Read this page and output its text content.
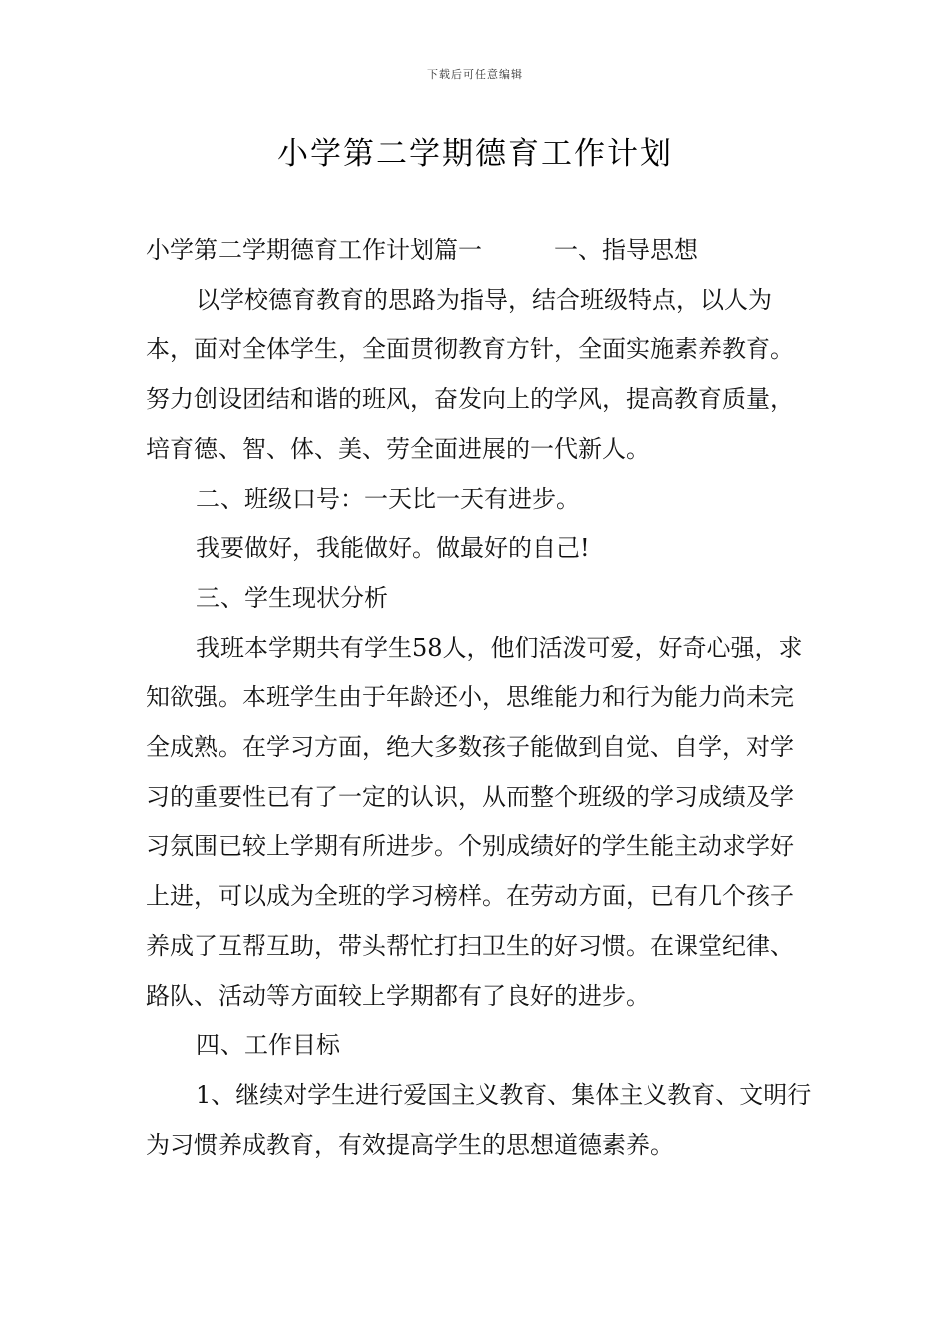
下载后可任意编辑
小学第二学期德育工作计划

小学第二学期德育工作计划篇一　　　一、指导思想

以学校德育教育的思路为指导，结合班级特点，以人为本，面对全体学生，全面贯彻教育方针，全面实施素养教育。努力创设团结和谐的班风，奋发向上的学风，提高教育质量，培育德、智、体、美、劳全面进展的一代新人。

二、班级口号：一天比一天有进步。

我要做好，我能做好。做最好的自己!

三、学生现状分析

我班本学期共有学生58人，他们活泼可爱，好奇心强，求知欲强。本班学生由于年龄还小，思维能力和行为能力尚未完全成熟。在学习方面，绝大多数孩子能做到自觉、自学，对学习的重要性已有了一定的认识，从而整个班级的学习成绩及学习氛围已较上学期有所进步。个别成绩好的学生能主动求学好上进，可以成为全班的学习榜样。在劳动方面，已有几个孩子养成了互帮互助，带头帮忙打扫卫生的好习惯。在课堂纪律、路队、活动等方面较上学期都有了良好的进步。

四、工作目标

1、继续对学生进行爱国主义教育、集体主义教育、文明行为习惯养成教育，有效提高学生的思想道德素养。
